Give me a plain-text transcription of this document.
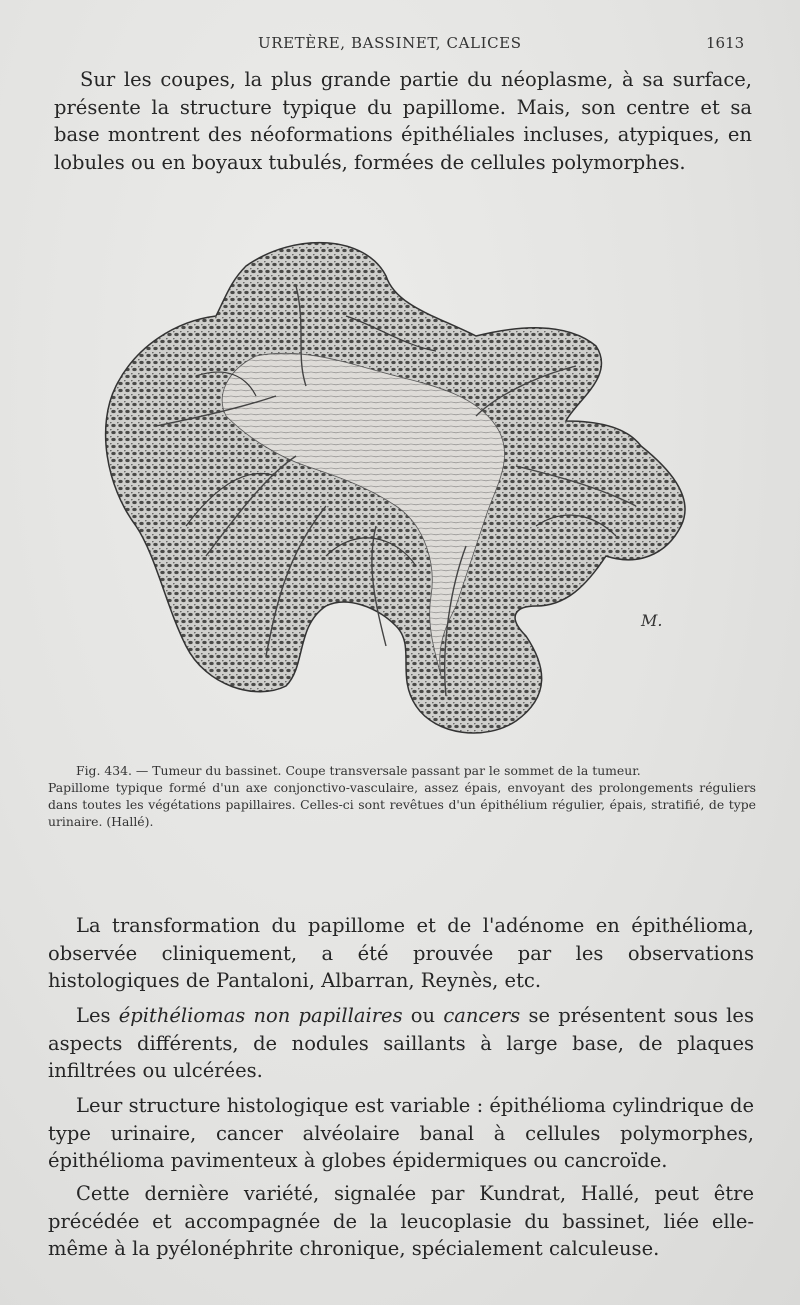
URETÈRE, BASSINET, CALICES	1613

Sur les coupes, la plus grande partie du néoplasme, à sa surface, présente la structure typique du papillome. Mais, son centre et sa base montrent des néoformations épithéliales incluses, atypiques, en lobules ou en boyaux tubulés, formées de cellules polymorphes.

M.

Fig. 434. — Tumeur du bassinet. Coupe transversale passant par le sommet de la tumeur.
Papillome typique formé d'un axe conjonctivo-vasculaire, assez épais, envoyant des prolongements réguliers dans toutes les végétations papillaires. Celles-ci sont revêtues d'un épithélium régulier, épais, stratifié, de type urinaire. (Hallé).

La transformation du papillome et de l'adénome en épithélioma, observée cliniquement, a été prouvée par les observations histologiques de Pantaloni, Albarran, Reynès, etc.

Les épithéliomas non papillaires ou cancers se présentent sous les aspects différents, de nodules saillants à large base, de plaques infiltrées ou ulcérées.

Leur structure histologique est variable : épithélioma cylindrique de type urinaire, cancer alvéolaire banal à cellules polymorphes, épithélioma pavimenteux à globes épidermiques ou cancroïde.

Cette dernière variété, signalée par Kundrat, Hallé, peut être précédée et accompagnée de la leucoplasie du bassinet, liée elle-même à la pyélonéphrite chronique, spécialement calculeuse.
